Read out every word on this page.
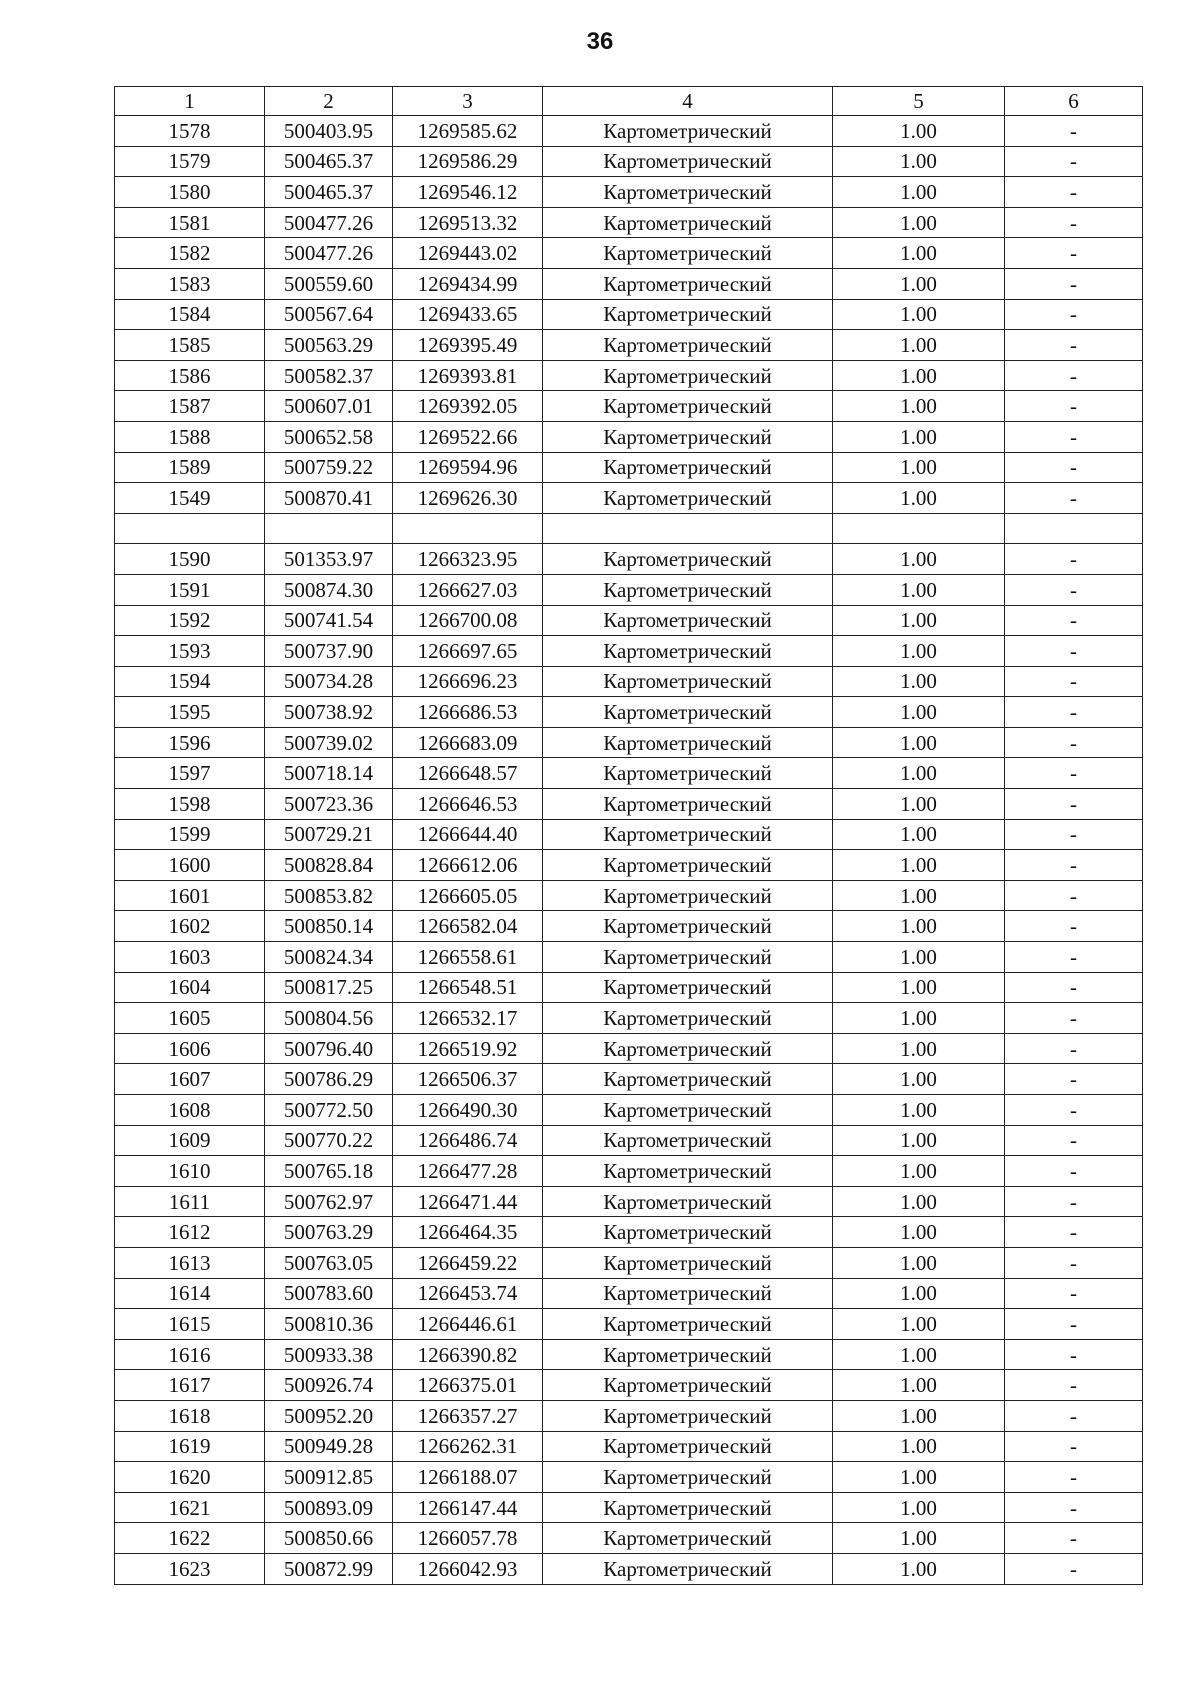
36
1	2	3	4	5	6
1578	500403.95	1269585.62	Картометрический	1.00	-
1579	500465.37	1269586.29	Картометрический	1.00	-
1580	500465.37	1269546.12	Картометрический	1.00	-
1581	500477.26	1269513.32	Картометрический	1.00	-
1582	500477.26	1269443.02	Картометрический	1.00	-
1583	500559.60	1269434.99	Картометрический	1.00	-
1584	500567.64	1269433.65	Картометрический	1.00	-
1585	500563.29	1269395.49	Картометрический	1.00	-
1586	500582.37	1269393.81	Картометрический	1.00	-
1587	500607.01	1269392.05	Картометрический	1.00	-
1588	500652.58	1269522.66	Картометрический	1.00	-
1589	500759.22	1269594.96	Картометрический	1.00	-
1549	500870.41	1269626.30	Картометрический	1.00	-

1590	501353.97	1266323.95	Картометрический	1.00	-
1591	500874.30	1266627.03	Картометрический	1.00	-
1592	500741.54	1266700.08	Картометрический	1.00	-
1593	500737.90	1266697.65	Картометрический	1.00	-
1594	500734.28	1266696.23	Картометрический	1.00	-
1595	500738.92	1266686.53	Картометрический	1.00	-
1596	500739.02	1266683.09	Картометрический	1.00	-
1597	500718.14	1266648.57	Картометрический	1.00	-
1598	500723.36	1266646.53	Картометрический	1.00	-
1599	500729.21	1266644.40	Картометрический	1.00	-
1600	500828.84	1266612.06	Картометрический	1.00	-
1601	500853.82	1266605.05	Картометрический	1.00	-
1602	500850.14	1266582.04	Картометрический	1.00	-
1603	500824.34	1266558.61	Картометрический	1.00	-
1604	500817.25	1266548.51	Картометрический	1.00	-
1605	500804.56	1266532.17	Картометрический	1.00	-
1606	500796.40	1266519.92	Картометрический	1.00	-
1607	500786.29	1266506.37	Картометрический	1.00	-
1608	500772.50	1266490.30	Картометрический	1.00	-
1609	500770.22	1266486.74	Картометрический	1.00	-
1610	500765.18	1266477.28	Картометрический	1.00	-
1611	500762.97	1266471.44	Картометрический	1.00	-
1612	500763.29	1266464.35	Картометрический	1.00	-
1613	500763.05	1266459.22	Картометрический	1.00	-
1614	500783.60	1266453.74	Картометрический	1.00	-
1615	500810.36	1266446.61	Картометрический	1.00	-
1616	500933.38	1266390.82	Картометрический	1.00	-
1617	500926.74	1266375.01	Картометрический	1.00	-
1618	500952.20	1266357.27	Картометрический	1.00	-
1619	500949.28	1266262.31	Картометрический	1.00	-
1620	500912.85	1266188.07	Картометрический	1.00	-
1621	500893.09	1266147.44	Картометрический	1.00	-
1622	500850.66	1266057.78	Картометрический	1.00	-
1623	500872.99	1266042.93	Картометрический	1.00	-
